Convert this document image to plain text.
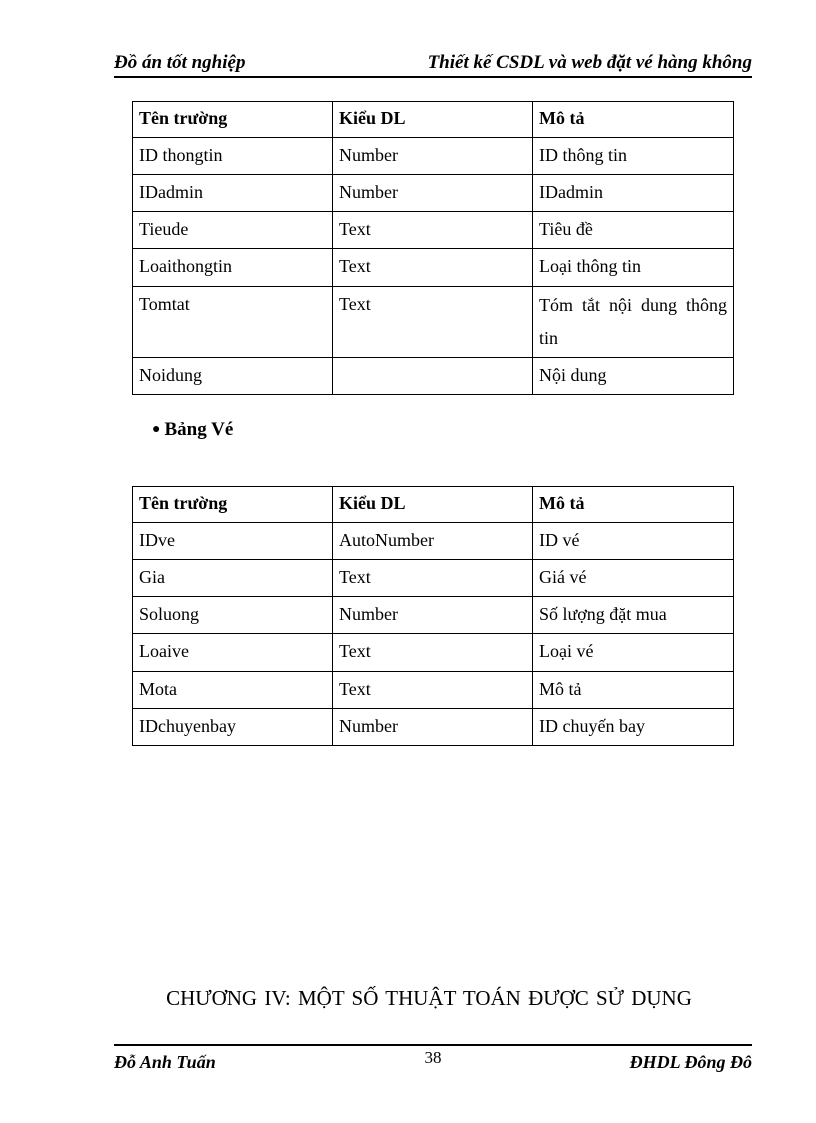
Đồ án tốt nghiệp	Thiết kế CSDL và web đặt vé hàng không
Tên trường	Kiểu DL	Mô tả
ID thongtin	Number	ID thông tin
IDadmin	Number	IDadmin
Tieude	Text	Tiêu đề
Loaithongtin	Text	Loại thông tin
Tomtat	Text	Tóm tắt nội dung thông tin
Noidung		Nội dung
● Bảng Vé
Tên trường	Kiểu DL	Mô tả
IDve	AutoNumber	ID vé
Gia	Text	Giá vé
Soluong	Number	Số lượng đặt mua
Loaive	Text	Loại vé
Mota	Text	Mô tả
IDchuyenbay	Number	ID chuyến bay
CHƯƠNG IV: MỘT SỐ THUẬT TOÁN ĐƯỢC SỬ DỤNG
Đỗ Anh Tuấn	38	ĐHDL Đông Đô
